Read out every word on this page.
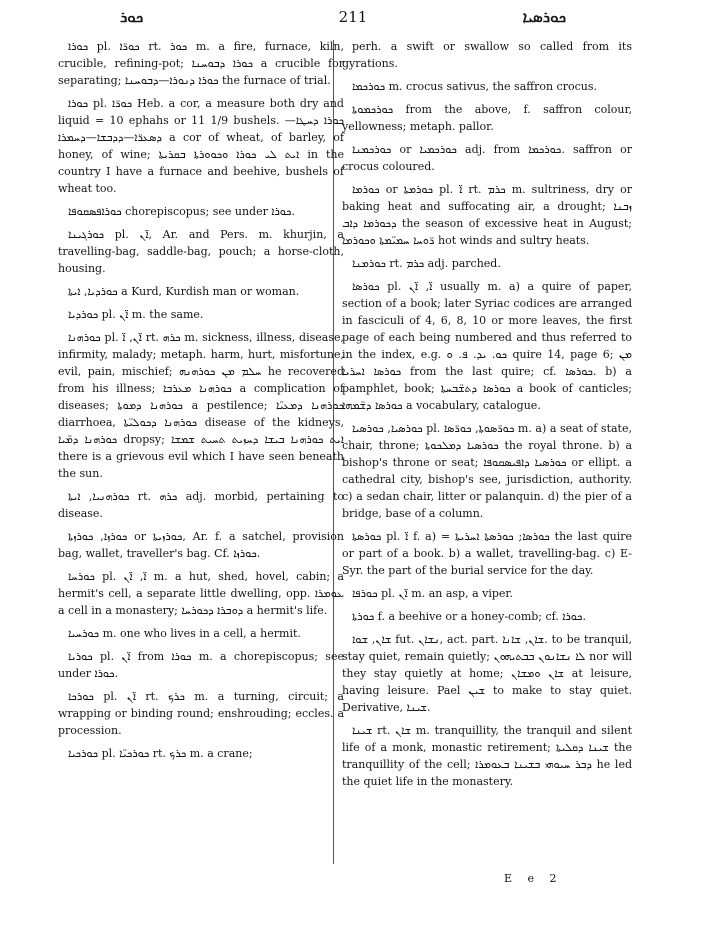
ܟܘܪ	211	ܟܘܪܣܝܐ

ܟܘܪܐ pl. ܟܘܪ̈ܐ rt. ܟܘܪ m. a fire, furnace, kiln, crucible, refining-pot; ܟܘܪܐ ܕܒܘܚܢܐ a crucible for separating; ܟܘܪܐ ܕܢܘܪܐ—ܕܒܘܚܢܐ the furnace of trial.

ܟܘܪܐ pl. ܟܘܪ̈ܐ Heb. a cor, a measure both dry and liquid = 10 ephahs or 11 1/9 bushels. ܟܘܪܐ ܕܚܛܐ—ܕܣܥܪ̈ܐ—ܕܕܒܫܐ—ܕܚܡܪܐ a cor of wheat, of barley, of honey, of wine; ܐܝܬ ܠܝ ܟܘܪܐ ܘܟܘܘܪܬܐ ܒܩܪܝܬܐ in the country I have a furnace and beehive, bushels of wheat too.

ܟܘܪܐܦܣܩܘܦܐ chorepiscopus; see under ܟܘܪܐ.

ܟܘܪܓܝܢܐ pl. ܐ̈ܢ, Ar. and Pers. m. khurjin, a travelling-bag, saddle-bag, pouch; a horse-cloth, housing.

ܟܘܪܕܝܐ, ܐܝܬܐ a Kurd, Kurdish man or woman.

ܟܘܪܕܝܐ pl. ܐ̈ܢ m. the same.

ܟܘܪܗܢܐ pl. ܐ̈ܢ, ܐ̈ rt. ܟܪܗ m. sickness, illness, disease, infirmity, malady; metaph. harm, hurt, misfortune, evil, pain, mischief; ܚܠܡ ܡܢ ܟܘܪܗܢܗ he recovered from his illness; ܟܘܪܗܢܐ ܡܥܪܒܐ a complication of diseases; ܟܘܪܗܢܐ ܕܡܘܬܐ a pestilence; ܟܘܪܗܢܐ ܕܡܥܝ̈ܐ diarrhoea, ܟܘܪܗܢܐ ܕܟܘܠܝ̈ܬܐ disease of the kidneys, ܟܘܪܗܢܐ ܕܡ̈ܝܐ dropsy; ܐܝܬ ܟܘܪܗܢܐ ܒܝܫܐ ܕܚܙܝܬ ܬܚܝܬ ܫܡܫܐ there is a grievous evil which I have seen beneath the sun.

ܟܘܪܗܢܝܐ, ܐܝܬܐ rt. ܟܪܗ adj. morbid, pertaining to disease.

ܟܘܪܙܐ, ܟܘܪܙܬܐ or ܟܘܪܙܝܬܐ, Ar. f. a satchel, provision bag, wallet, traveller's bag. Cf. ܟܘܪܙܐ.

ܟܘܪܚܐ pl. ܐ̈, ܐ̈ܢ m. a hut, shed, hovel, cabin; a hermit's cell, a separate little dwelling, opp. ܥܘܡܪܐ a cell in a monastery; ܕܘܒܪܐ ܕܟܘܪܚܐ a hermit's life.

ܟܘܪܚܝܐ m. one who lives in a cell, a hermit.

ܟܘܪܝܐ pl. ܐ̈ܢ from ܟܘܪܐ m. a chorepiscopus; see under ܟܘܪܐ.

ܟܘܪܟܐ pl. ܐ̈ܢ rt. ܟܪܟ m. a turning, circuit; a wrapping or binding round; enshrouding; eccles. a procession.

ܟܘܪܟܝܐ pl. ܟܘܪܟܝ̈ܐ rt. ܟܪܟ m. a crane;

perh. a swift or swallow so called from its gyrations.

ܟܘܪܟܡܐ m. crocus sativus, the saffron crocus.

ܟܘܪܟܡܘܬܐ from the above, f. saffron colour, yellowness; metaph. pallor.

ܟܘܪܟܡܢܐ or ܟܘܪܟܡܝܐ adj. from ܟܘܪܟܡܐ. saffron or crocus coloured.

ܟܘܪܡܐ or ܟܘܪܡܬܐ pl. ܐ̈ rt. ܟܪܡ m. sultriness, dry or baking heat and suffocating air, a drought; ܙܒܢܐ ܕܟܘܪܡܐ ܕܐܒ the season of excessive heat in August; ܪ̈ܘܚܐ ܚܡܝ̈ܡܬܐ ܘܟܘܪܡܐ hot winds and sultry heats.

ܟܘܪܡܢܐ rt. ܟܪܡ adj. parched.

ܟܘܪܣܐ pl. ܐ̈, ܐ̈ܢ usually m. a) a quire of paper, section of a book; later Syriac codices are arranged in fasciculi of 4, 6, 8, 10 or more leaves, the first page of each being numbered and thus referred to in the index, e.g. ܟܘ. ܝܕ. ܦ. ܘ quire 14, page 6; ܡܢ ܟܘܪܣܐ ܐܚܪܝܐ from the last quire; cf. ܟܘܪܣܐ. b) a pamphlet, book; ܟܘܪܣܐ ܕܬܫ̈ܒܚܬܐ a book of canticles; ܟܘܪܣܐ ܕܫ̈ܡܗܐ a vocabulary, catalogue.

ܟܘܪܣܝܐ, ܟܘܪܣܝܐ pl. ܟܘܪ̈ܣܘܬܐ, ܟܘܪ̈ܣܐ m. a) a seat of state, chair, throne; ܟܘܪܣܝܐ ܕܡܠܟܘܬܐ the royal throne. b) a bishop's throne or seat; ܟܘܪܣܝܐ ܕܐܦܝܣܩܘܦܐ or ellipt. a cathedral city, bishop's see, jurisdiction, authority. c) a sedan chair, litter or palanquin. d) the pier of a bridge, base of a column.

ܟܘܪܣܬܐ pl. ܐ̈ f. a) = ܟܘܪܣܐ; ܟܘܪܣܬܐ ܐܚܪܝܬܐ the last quire or part of a book. b) a wallet, travelling-bag. c) E-Syr. the part of the burial service for the day.

ܟܘܪܦܐ pl. ܐ̈ܢ m. an asp, a viper.

ܟܘܪܬܐ f. a beehive or a honey-comb; cf. ܟܘܪܐ.

ܫܐܢ, ܫܘܐ fut. ܢܫܐܢ, act. part. ܫܐܢ, ܫܐܢܐ. to be tranquil, stay quiet, remain quietly; ܠܐ ܢܫܐܢܘܢ ܒܒܬܝܗܘܢ nor will they stay quietly at home; ܫܐܢ ܘܡܫܐܢ at leisure, having leisure. Pael ܫܝܢ to make to stay quiet. Derivative, ܫܝܢܐ.

ܫܝܢܐ rt. ܫܐܢ m. tranquillity, the tranquil and silent life of a monk, monastic retirement; ܫܝܢܐ ܕܩܠܝܬܐ the tranquillity of the cell; ܕܒܪ ܚܝܘܗܝ ܒܫܝܢܐ ܒܥܘܡܪܐ he led the quiet life in the monastery.

E e 2
